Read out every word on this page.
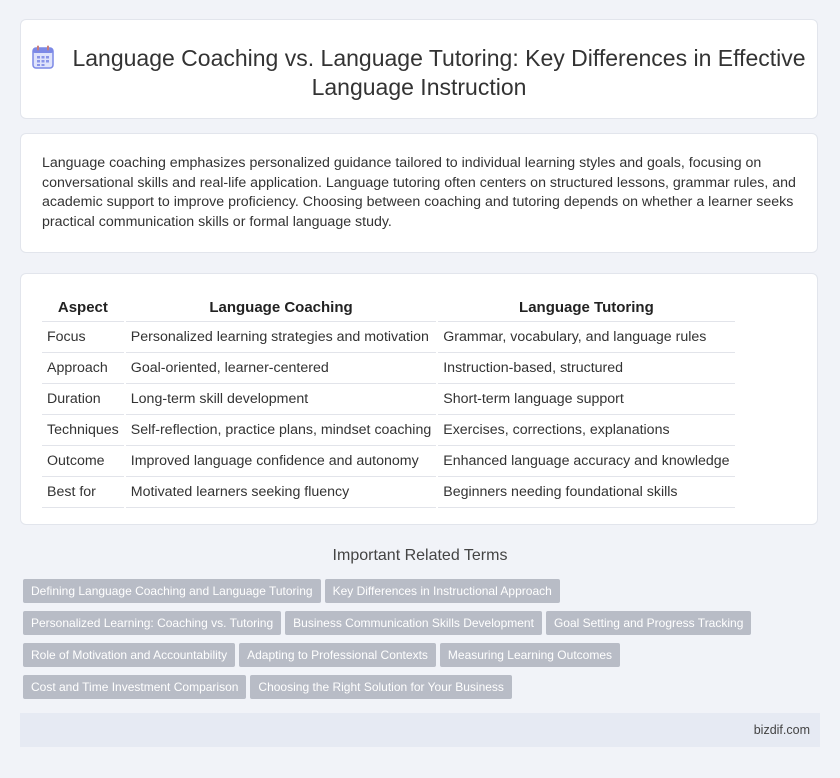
Language Coaching vs. Language Tutoring: Key Differences in Effective Language Instruction
Language coaching emphasizes personalized guidance tailored to individual learning styles and goals, focusing on conversational skills and real-life application. Language tutoring often centers on structured lessons, grammar rules, and academic support to improve proficiency. Choosing between coaching and tutoring depends on whether a learner seeks practical communication skills or formal language study.
Aspect		Language Coaching		Language Tutoring
Focus		Personalized learning strategies and motivation		Grammar, vocabulary, and language rules
Approach		Goal-oriented, learner-centered		Instruction-based, structured
Duration		Long-term skill development		Short-term language support
Techniques		Self-reflection, practice plans, mindset coaching		Exercises, corrections, explanations
Outcome		Improved language confidence and autonomy		Enhanced language accuracy and knowledge
Best for		Motivated learners seeking fluency		Beginners needing foundational skills
Important Related Terms
Defining Language Coaching and Language Tutoring Key Differences in Instructional Approach
Personalized Learning: Coaching vs. Tutoring Business Communication Skills Development Goal Setting and Progress Tracking
Role of Motivation and Accountability Adapting to Professional Contexts Measuring Learning Outcomes
Cost and Time Investment Comparison Choosing the Right Solution for Your Business
bizdif.com
